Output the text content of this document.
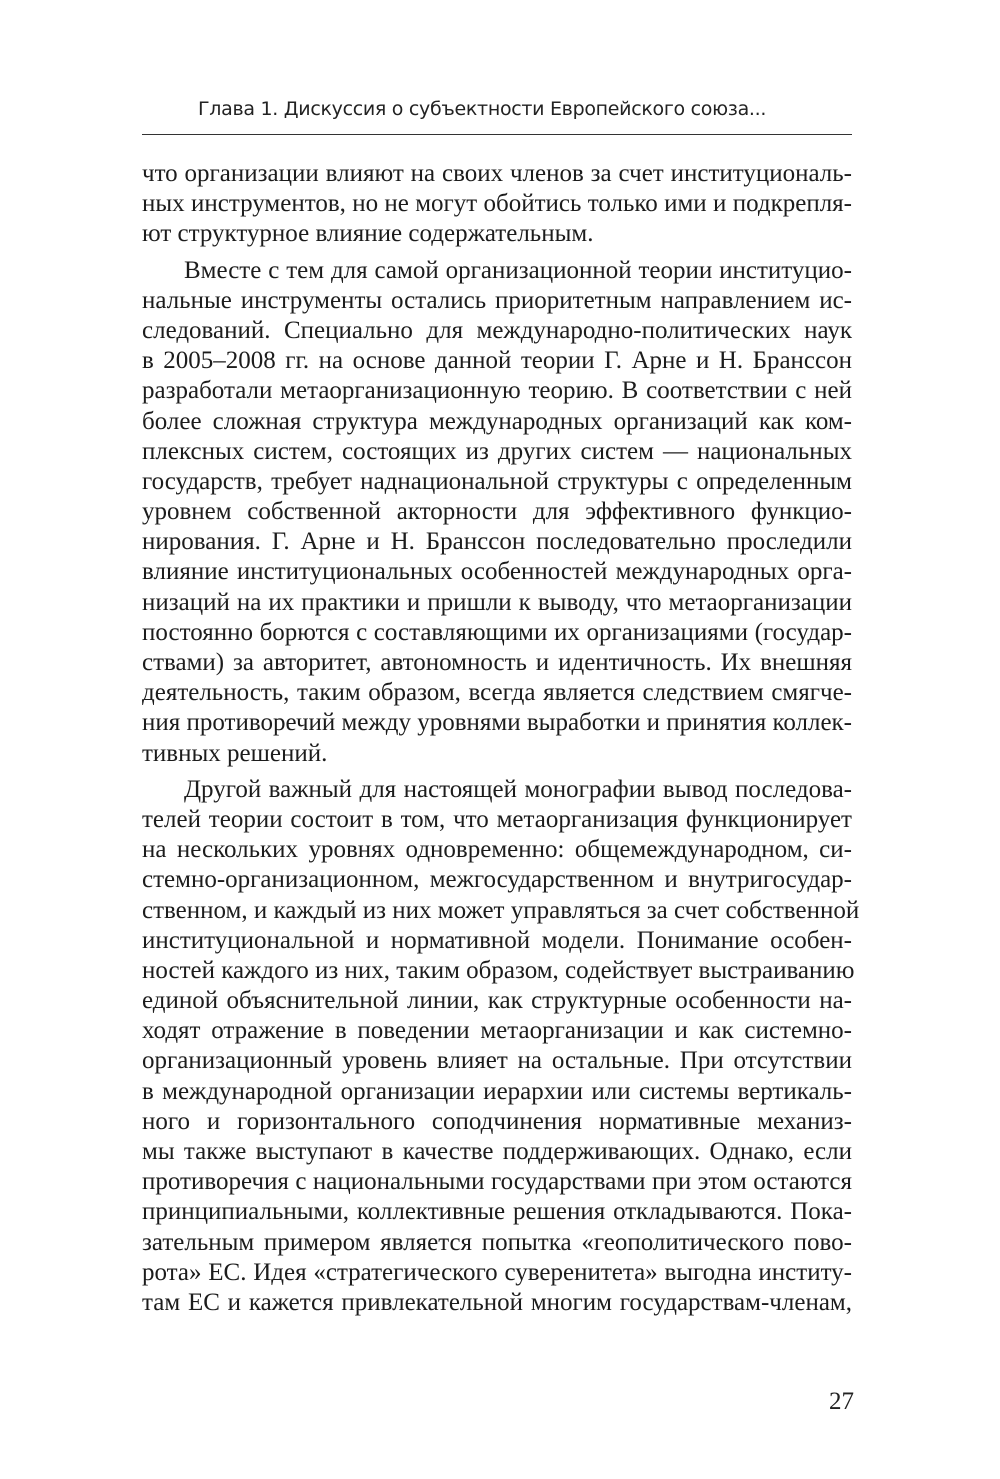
Глава 1. Дискуссия о субъектности Европейского союза...
что организации влияют на своих членов за счет институциональ-
ных инструментов, но не могут обойтись только ими и подкрепля-
ют структурное влияние содержательным.
Вместе с тем для самой организационной теории институцио-
нальные инструменты остались приоритетным направлением ис-
следований. Специально для международно-политических наук
в 2005–2008 гг. на основе данной теории Г. Арне и Н. Бранссон
разработали метаорганизационную теорию. В соответствии с ней
более сложная структура международных организаций как ком-
плексных систем, состоящих из других систем — национальных
государств, требует наднациональной структуры с определенным
уровнем собственной акторности для эффективного функцио-
нирования. Г. Арне и Н. Бранссон последовательно проследили
влияние институциональных особенностей международных орга-
низаций на их практики и пришли к выводу, что метаорганизации
постоянно борются с составляющими их организациями (государ-
ствами) за авторитет, автономность и идентичность. Их внешняя
деятельность, таким образом, всегда является следствием смягче-
ния противоречий между уровнями выработки и принятия коллек-
тивных решений.
Другой важный для настоящей монографии вывод последова-
телей теории состоит в том, что метаорганизация функционирует
на нескольких уровнях одновременно: общемеждународном, си-
стемно-организационном, межгосударственном и внутригосудар-
ственном, и каждый из них может управляться за счет собственной
институциональной и нормативной модели. Понимание особен-
ностей каждого из них, таким образом, содействует выстраиванию
единой объяснительной линии, как структурные особенности на-
ходят отражение в поведении метаорганизации и как системно-
организационный уровень влияет на остальные. При отсутствии
в международной организации иерархии или системы вертикаль-
ного и горизонтального соподчинения нормативные механиз-
мы также выступают в качестве поддерживающих. Однако, если
противоречия с национальными государствами при этом остаются
принципиальными, коллективные решения откладываются. Пока-
зательным примером является попытка «геополитического пово-
рота» ЕС. Идея «стратегического суверенитета» выгодна институ-
там ЕС и кажется привлекательной многим государствам-членам,
27
